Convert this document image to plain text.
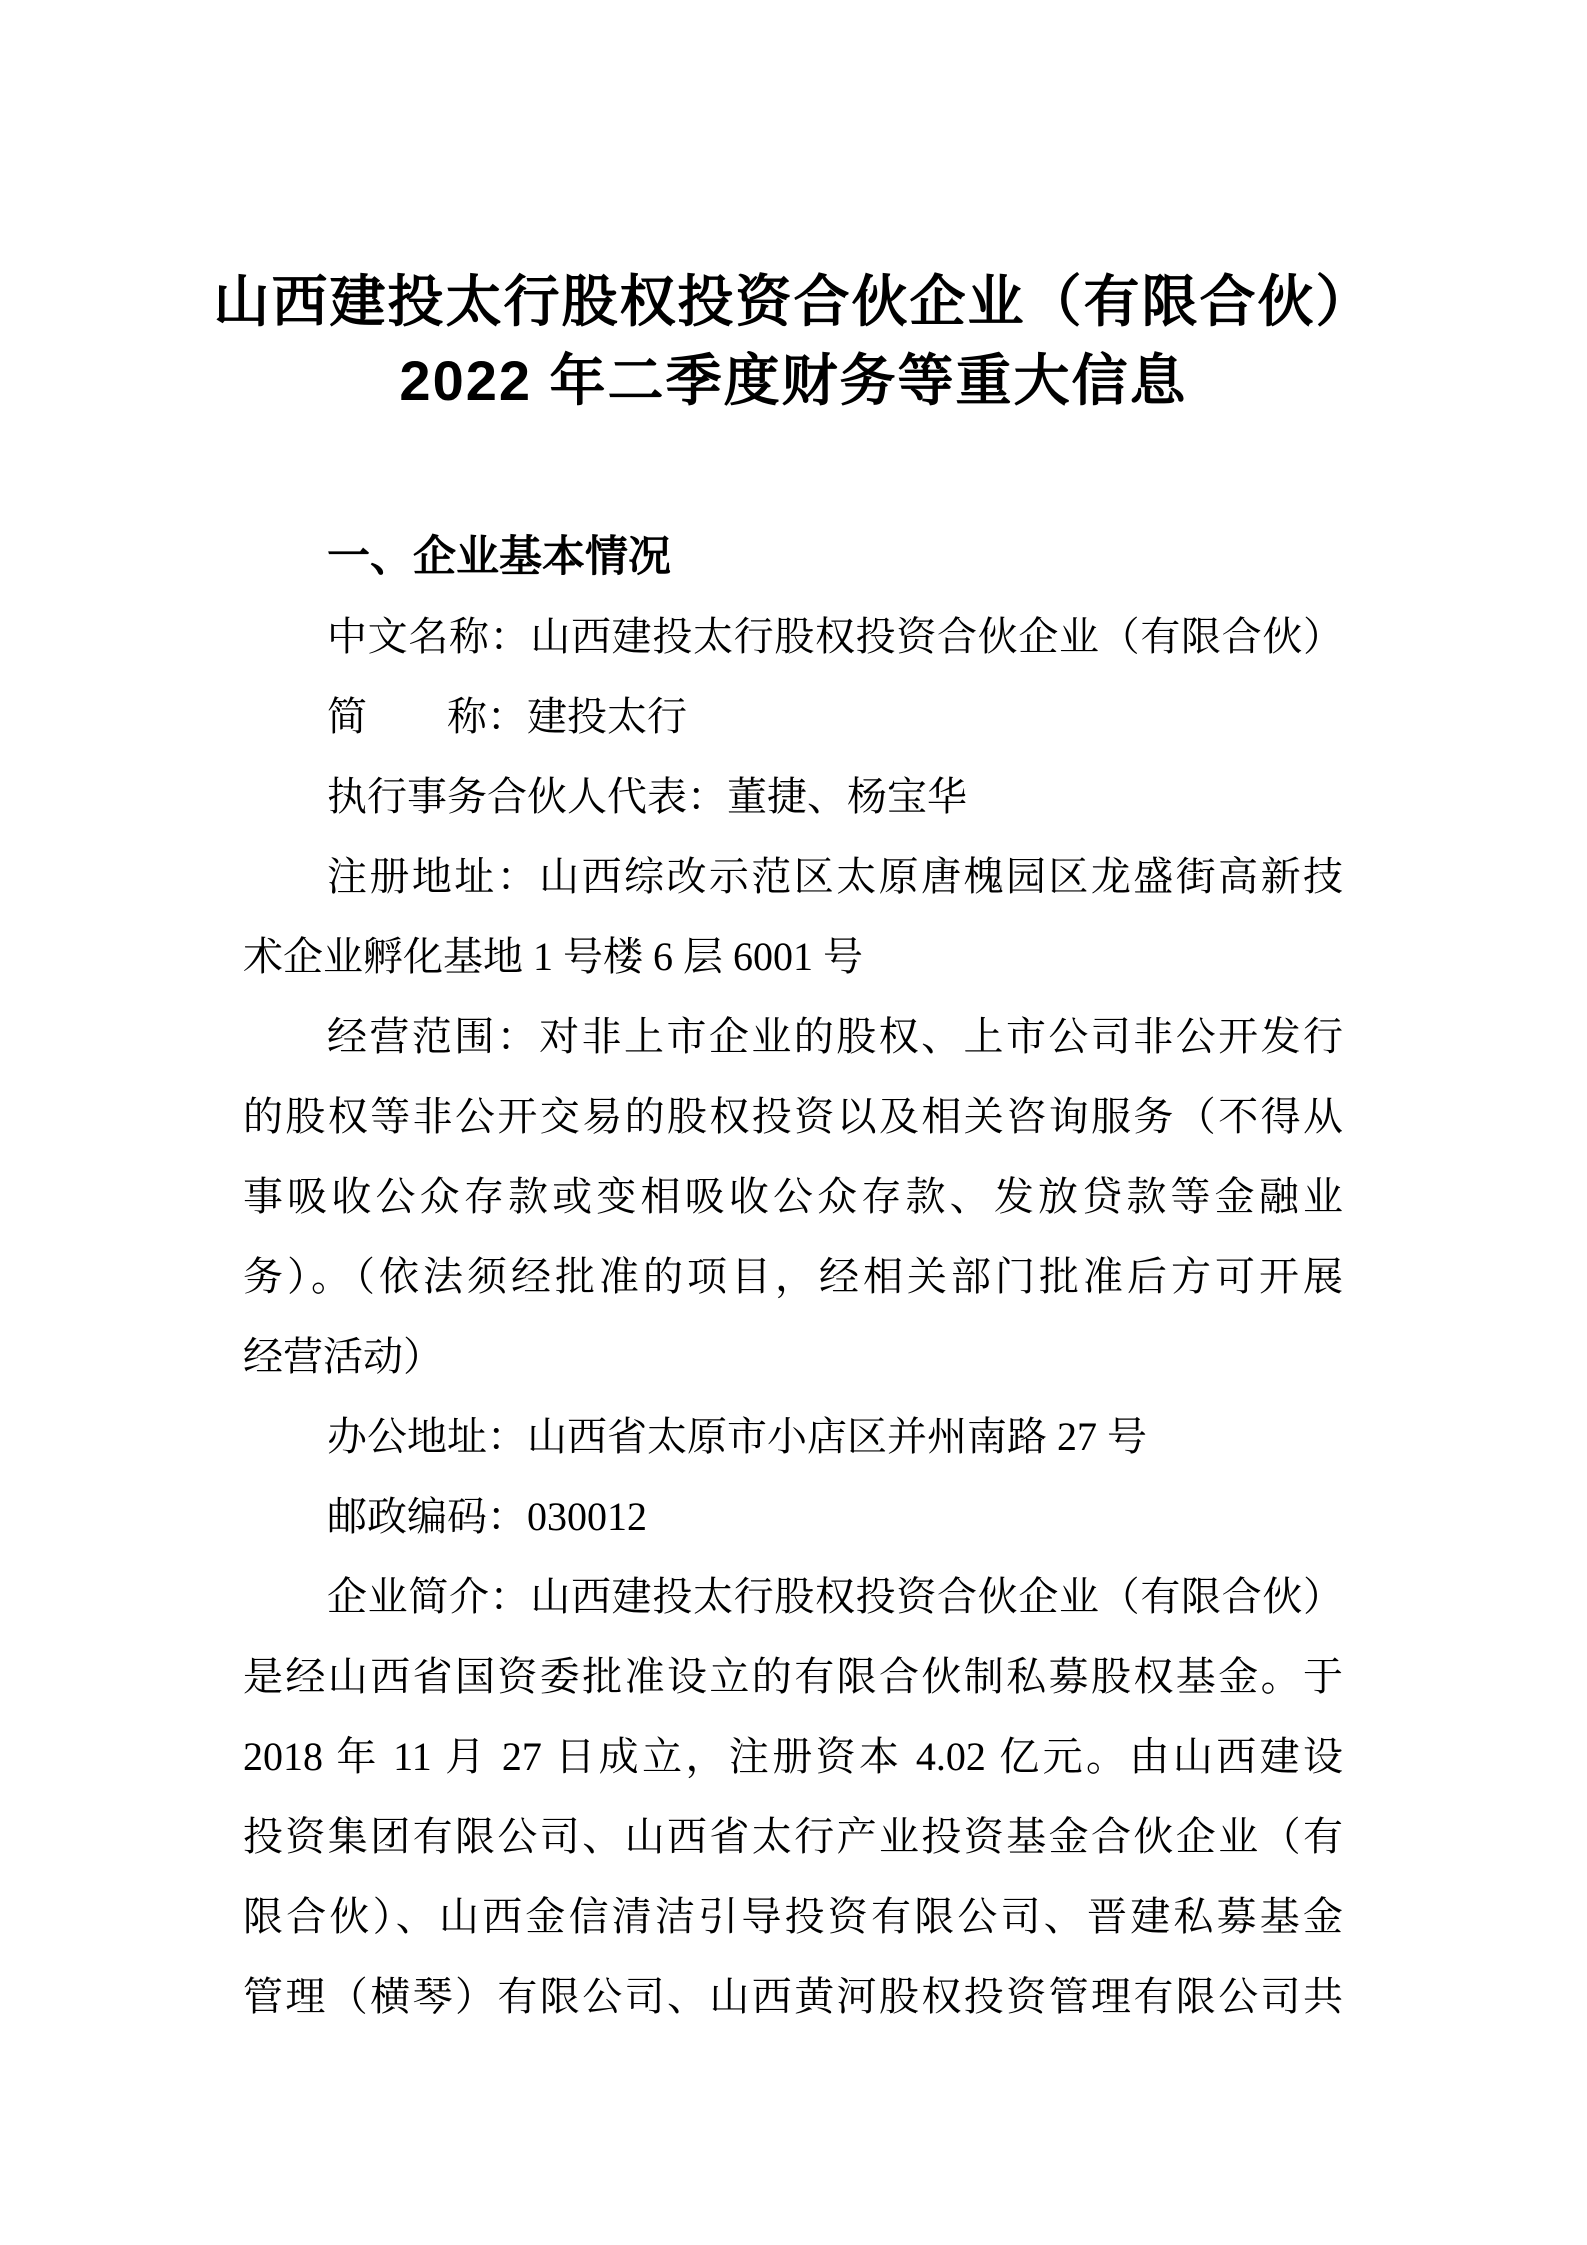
山西建投太行股权投资合伙企业（有限合伙）
2022 年二季度财务等重大信息
一、企业基本情况
中文名称：山西建投太行股权投资合伙企业（有限合伙）
简　　称：建投太行
执行事务合伙人代表：董捷、杨宝华
注册地址：山西综改示范区太原唐槐园区龙盛街高新技
术企业孵化基地 1 号楼 6 层 6001 号
经营范围：对非上市企业的股权、上市公司非公开发行
的股权等非公开交易的股权投资以及相关咨询服务（不得从
事吸收公众存款或变相吸收公众存款、发放贷款等金融业
务）。（依法须经批准的项目，经相关部门批准后方可开展
经营活动）
办公地址：山西省太原市小店区并州南路 27 号
邮政编码：030012
企业简介：山西建投太行股权投资合伙企业（有限合伙）
是经山西省国资委批准设立的有限合伙制私募股权基金。于
2018 年 11 月 27 日成立，注册资本 4.02 亿元。由山西建设
投资集团有限公司、山西省太行产业投资基金合伙企业（有
限合伙）、山西金信清洁引导投资有限公司、晋建私募基金
管理（横琴）有限公司、山西黄河股权投资管理有限公司共
